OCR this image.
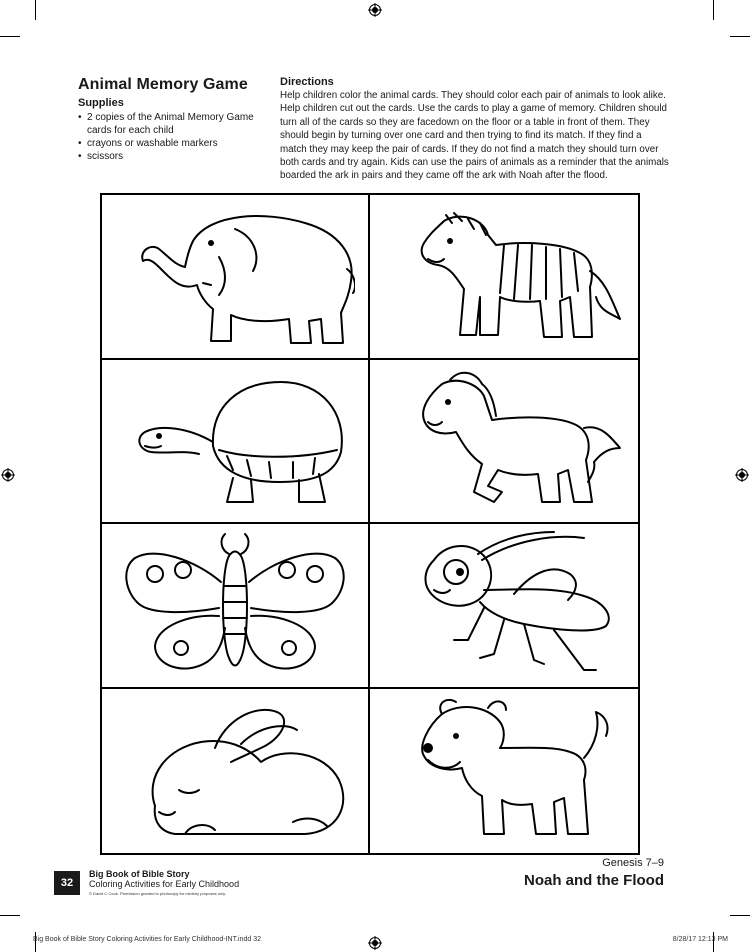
Animal Memory Game
Supplies
• 2 copies of the Animal Memory Game cards for each child
• crayons or washable markers
• scissors
Directions
Help children color the animal cards. They should color each pair of animals to look alike. Help children cut out the cards. Use the cards to play a game of memory. Children should turn all of the cards so they are facedown on the floor or a table in front of them. They should begin by turning over one card and then trying to find its match. If they find a match they may keep the pair of cards. If they do not find a match they should turn over both cards and try again. Kids can use the pairs of animals as a reminder that the animals boarded the ark in pairs and they came off the ark with Noah after the flood.
32
Big Book of Bible Story
Coloring Activities for Early Childhood
© David C Cook. Permission granted to photocopy for ministry purposes only.
Genesis 7–9
Noah and the Flood
Big Book of Bible Story Coloring Activities for Early Childhood-INT.indd 32	8/28/17 12:13 PM
